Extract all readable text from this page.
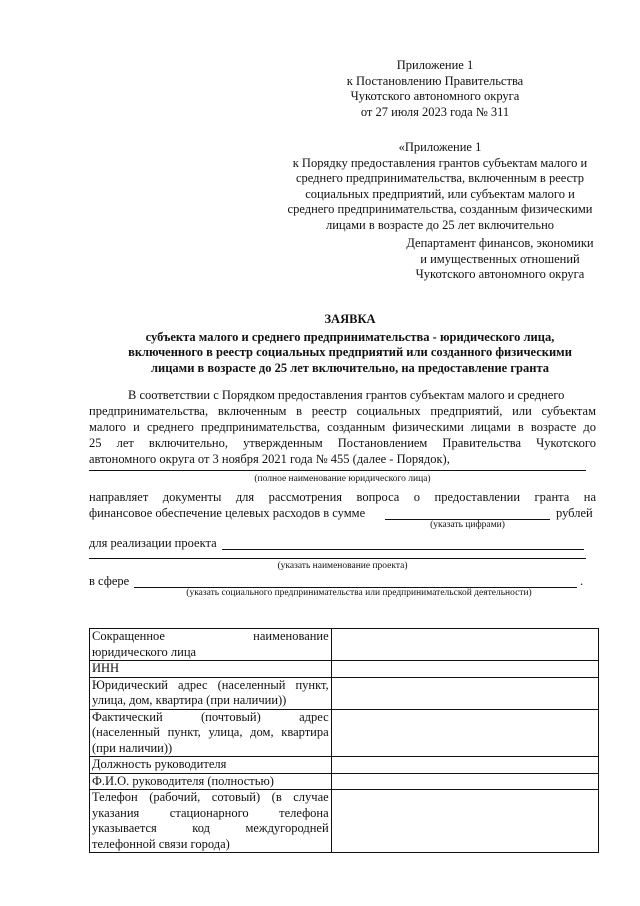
Приложение 1
к Постановлению Правительства
Чукотского автономного округа
от 27 июля 2023 года № 311
«Приложение 1
к Порядку предоставления грантов субъектам малого и
среднего предпринимательства, включенным в реестр
социальных предприятий, или субъектам малого и
среднего предпринимательства, созданным физическими
лицами в возрасте до 25 лет включительно
Департамент финансов, экономики
и имущественных отношений
Чукотского автономного округа
ЗАЯВКА
субъекта малого и среднего предпринимательства - юридического лица,
включенного в реестр социальных предприятий или созданного физическими
лицами в возрасте до 25 лет включительно, на предоставление гранта
В соответствии с Порядком предоставления грантов субъектам малого и среднего
предпринимательства, включенным в реестр социальных предприятий, или субъектам
малого и среднего предпринимательства, созданным физическими лицами в возрасте до
25 лет включительно, утвержденным Постановлением Правительства Чукотского
автономного округа от 3 ноября 2021 года № 455 (далее - Порядок),
(полное наименование юридического лица)
направляет документы для рассмотрения вопроса о предоставлении гранта на
финансовое обеспечение целевых расходов в сумме	рублей
(указать цифрами)
для реализации проекта
(указать наименование проекта)
в сфере	.
(указать социального предпринимательства или предпринимательской деятельности)
Сокращенное наименование
юридического лица	

ИНН	

Юридический адрес (населенный пункт,
улица, дом, квартира (при наличии))	

Фактический (почтовый) адрес
(населенный пункт, улица, дом, квартира
(при наличии))	

Должность руководителя	

Ф.И.О. руководителя (полностью)	

Телефон (рабочий, сотовый) (в случае
указания стационарного телефона
указывается код междугородней
телефонной связи города)	
